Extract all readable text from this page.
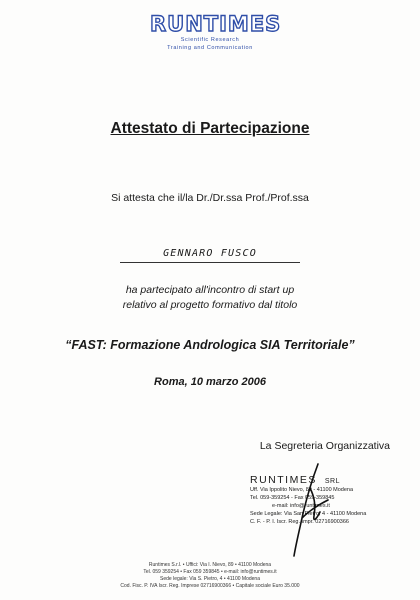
RUNTIMES
Scientific Research
Training and Communication
Attestato di Partecipazione
Si attesta che il/la Dr./Dr.ssa Prof./Prof.ssa
GENNARO FUSCO
ha partecipato all'incontro di start up
relativo al progetto formativo dal titolo
“FAST: Formazione Andrologica SIA Territoriale”
Roma, 10 marzo 2006
La Segreteria Organizzativa
RUNTIMES SRL
Uff. Via Ippolito Nievo, 89 - 41100 Modena
Tel. 059-359254 - Fax 059-359845
e-mail: info@runtimes.it
Sede Legale: Via San Pietro, 4 - 41100 Modena
C. F. - P. I. Iscr. Reg. Impr. 02716900366
Runtimes S.r.l. • Uffici: Via I. Nievo, 89 • 41100 Modena
Tel. 059 359254 • Fax 059 359845 • e-mail: info@runtimes.it
Sede legale: Via S. Pietro, 4 • 41100 Modena
Cod. Fisc. P. IVA Iscr. Reg. Imprese 02716900366 • Capitale sociale Euro 35.000
